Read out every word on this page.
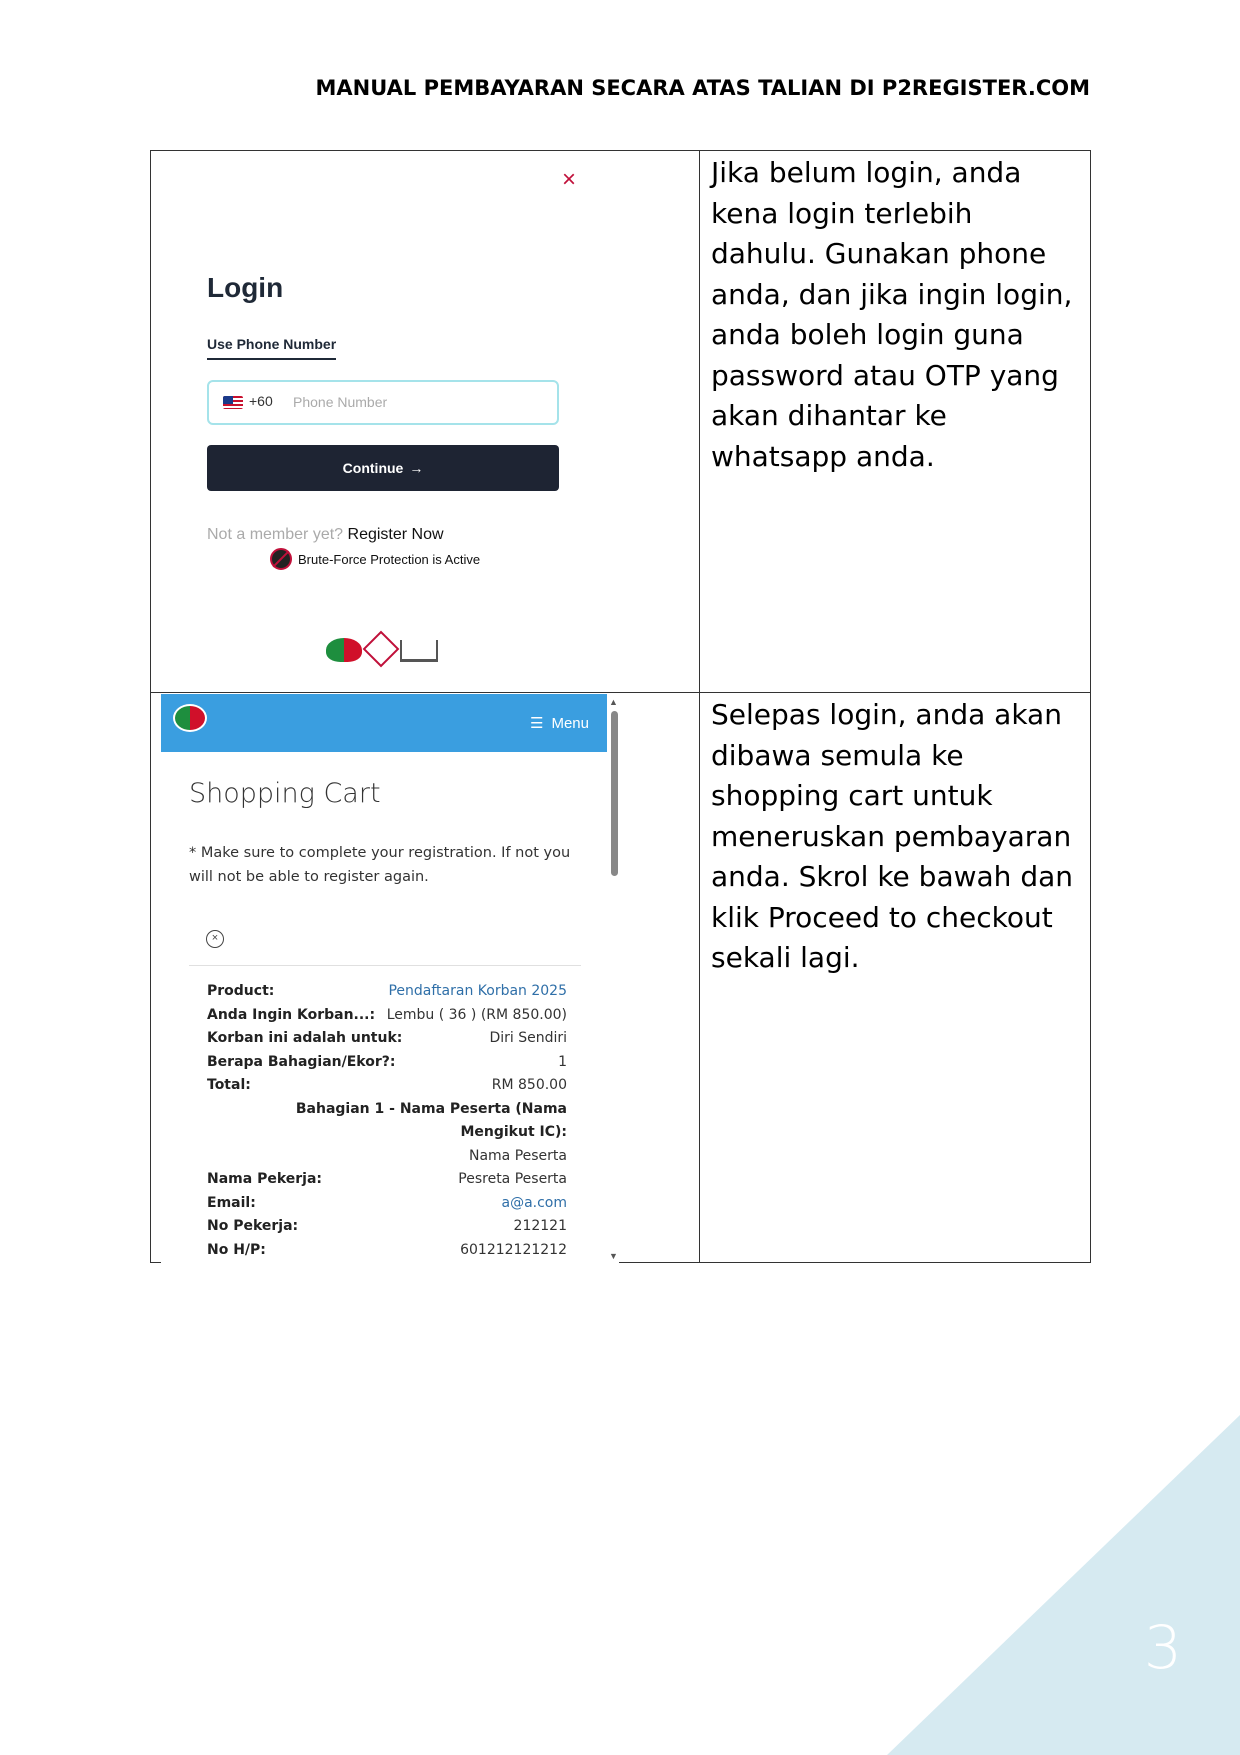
MANUAL PEMBAYARAN SECARA ATAS TALIAN DI P2REGISTER.COM
×
Login
Use Phone Number
+60 Phone Number
Continue →
Not a member yet? Register Now
Brute-Force Protection is Active
Jika belum login, anda kena login terlebih dahulu. Gunakan phone anda, dan jika ingin login, anda boleh login guna password atau OTP yang akan dihantar ke whatsapp anda.
☰ Menu
Shopping Cart
* Make sure to complete your registration. If not you will not be able to register again.
×
Product:	Pendaftaran Korban 2025
Anda Ingin Korban...: Lembu ( 36 ) (RM 850.00)
Korban ini adalah untuk:	Diri Sendiri
Berapa Bahagian/Ekor?:	1
Total:	RM 850.00
Bahagian 1 - Nama Peserta (Nama Mengikut IC):
Nama Peserta
Nama Pekerja:	Pesreta Peserta
Email:	a@a.com
No Pekerja:	212121
No H/P:	601212121212
▲
▼
Selepas login, anda akan dibawa semula ke shopping cart untuk meneruskan pembayaran anda. Skrol ke bawah dan klik Proceed to checkout sekali lagi.
3
